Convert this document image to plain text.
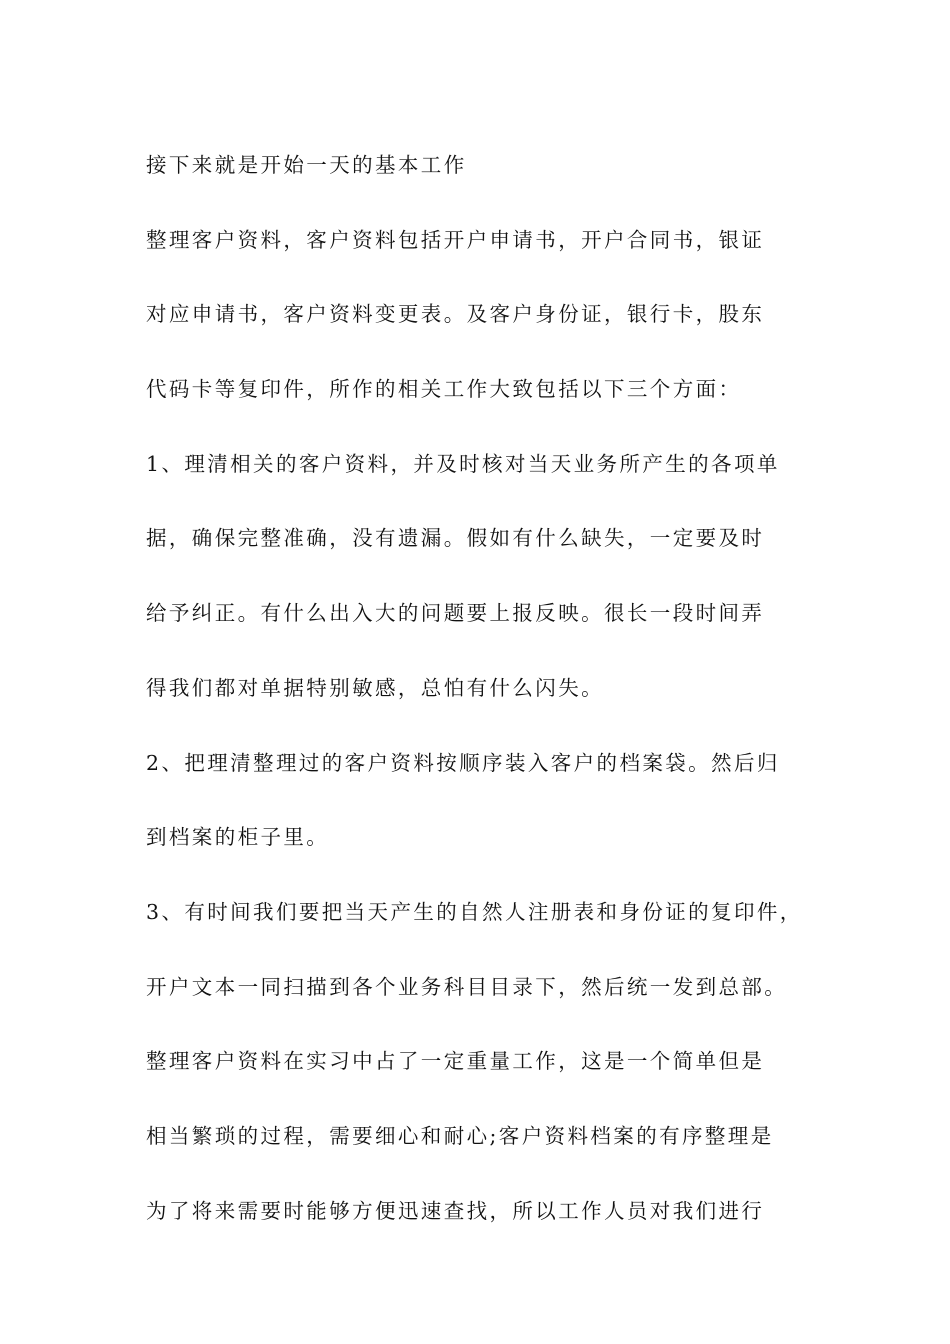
接下来就是开始一天的基本工作
整理客户资料，客户资料包括开户申请书，开户合同书，银证
对应申请书，客户资料变更表。及客户身份证，银行卡，股东
代码卡等复印件，所作的相关工作大致包括以下三个方面：
1、理清相关的客户资料，并及时核对当天业务所产生的各项单
据，确保完整准确，没有遗漏。假如有什么缺失，一定要及时
给予纠正。有什么出入大的问题要上报反映。很长一段时间弄
得我们都对单据特别敏感，总怕有什么闪失。
2、把理清整理过的客户资料按顺序装入客户的档案袋。然后归
到档案的柜子里。
3、有时间我们要把当天产生的自然人注册表和身份证的复印件，
开户文本一同扫描到各个业务科目目录下，然后统一发到总部。
整理客户资料在实习中占了一定重量工作，这是一个简单但是
相当繁琐的过程，需要细心和耐心;客户资料档案的有序整理是
为了将来需要时能够方便迅速查找，所以工作人员对我们进行
